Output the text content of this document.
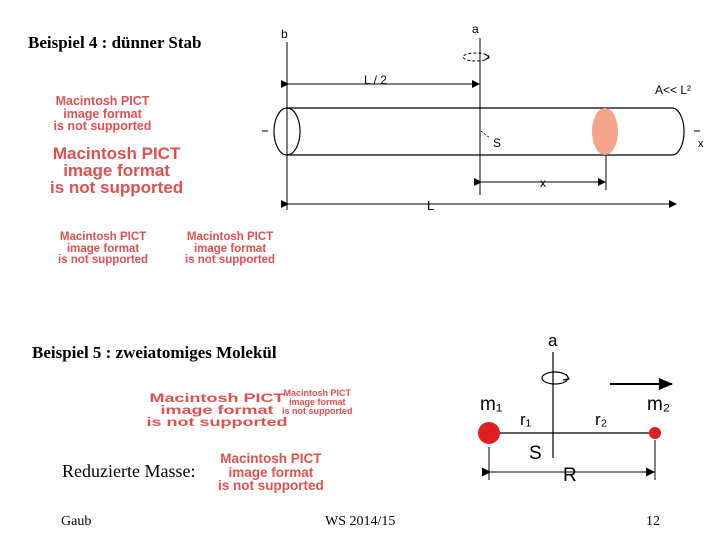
Beispiel 4 : dünner Stab
Beispiel 5 : zweiatomiges Molekül
Macintosh PICT
image format
is not supported
Macintosh PICT
image format
is not supported
Macintosh PICT
image format
is not supported
Macintosh PICT
image format
is not supported
Macintosh PICT
image format
is not supported
Macintosh PICT
image format
is not supported
Macintosh PICT
image format
is not supported
Reduzierte Masse:
b	a
L / 2
A<< L²
S	x
x
L
a
m₁	m₂
r₁	r₂
S
R
Gaub	WS 2014/15	12
